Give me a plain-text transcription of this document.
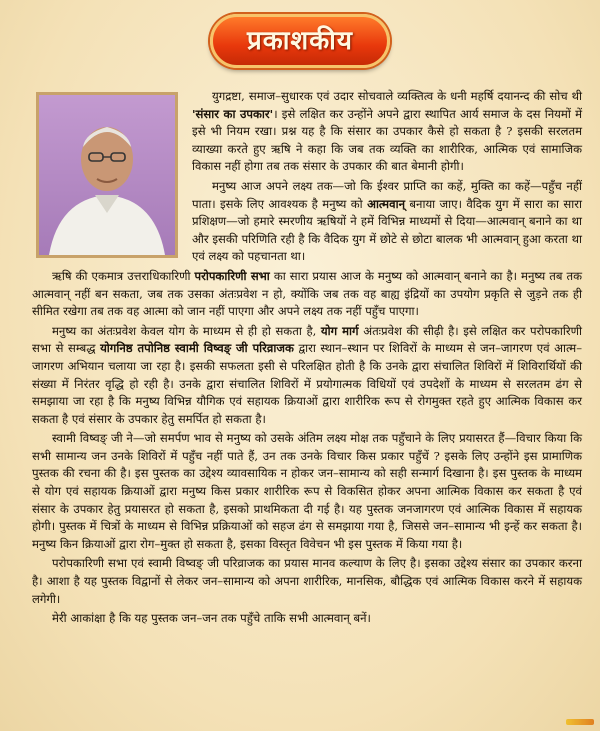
प्रकाशकीय

युगद्रष्टा, समाज–सुधारक एवं उदार सोचवाले व्यक्तित्व के धनी महर्षि दयानन्द की सोच थी 'संसार का उपकार'। इसे लक्षित कर उन्होंने अपने द्वारा स्थापित आर्य समाज के दस नियमों में इसे भी नियम रखा। प्रश्न यह है कि संसार का उपकार कैसे हो सकता है ? इसकी सरलतम व्याख्या करते हुए ऋषि ने कहा कि जब तक व्यक्ति का शारीरिक, आत्मिक एवं सामाजिक विकास नहीं होगा तब तक संसार के उपकार की बात बेमानी होगी।

मनुष्य आज अपने लक्ष्य तक—जो कि ईश्वर प्राप्ति का कहें, मुक्ति का कहें—पहुँच नहीं पाता। इसके लिए आवश्यक है मनुष्य को आत्मवान् बनाया जाए। वैदिक युग में सारा का सारा प्रशिक्षण—जो हमारे स्मरणीय ऋषियों ने हमें विभिन्न माध्यमों से दिया—आत्मवान् बनाने का था और इसकी परिणिति रही है कि वैदिक युग में छोटे से छोटा बालक भी आत्मवान् हुआ करता था एवं लक्ष्य को पहचानता था।

ऋषि की एकमात्र उत्तराधिकारिणी परोपकारिणी सभा का सारा प्रयास आज के मनुष्य को आत्मवान् बनाने का है। मनुष्य तब तक आत्मवान् नहीं बन सकता, जब तक उसका अंतःप्रवेश न हो, क्योंकि जब तक वह बाह्य इंद्रियों का उपयोग प्रकृति से जुड़ने तक ही सीमित रखेगा तब तक वह आत्मा को जान नहीं पाएगा और अपने लक्ष्य तक नहीं पहुँच पाएगा।

मनुष्य का अंतःप्रवेश केवल योग के माध्यम से ही हो सकता है, योग मार्ग अंतःप्रवेश की सीढ़ी है। इसे लक्षित कर परोपकारिणी सभा से सम्बद्ध योगनिष्ठ तपोनिष्ठ स्वामी विष्वङ् जी परिव्राजक द्वारा स्थान–स्थान पर शिविरों के माध्यम से जन–जागरण एवं आत्म–जागरण अभियान चलाया जा रहा है। इसकी सफलता इसी से परिलक्षित होती है कि उनके द्वारा संचालित शिविरों में शिविरार्थियों की संख्या में निरंतर वृद्धि हो रही है। उनके द्वारा संचालित शिविरों में प्रयोगात्मक विधियों एवं उपदेशों के माध्यम से सरलतम ढंग से समझाया जा रहा है कि मनुष्य विभिन्न यौगिक एवं सहायक क्रियाओं द्वारा शारीरिक रूप से रोगमुक्त रहते हुए आत्मिक विकास कर सकता है एवं संसार के उपकार हेतु समर्पित हो सकता है।

स्वामी विष्वङ् जी ने—जो समर्पण भाव से मनुष्य को उसके अंतिम लक्ष्य मोक्ष तक पहुँचाने के लिए प्रयासरत हैं—विचार किया कि सभी सामान्य जन उनके शिविरों में पहुँच नहीं पाते हैं, उन तक उनके विचार किस प्रकार पहुँचें ? इसके लिए उन्होंने इस प्रामाणिक पुस्तक की रचना की है। इस पुस्तक का उद्देश्य व्यावसायिक न होकर जन–सामान्य को सही सन्मार्ग दिखाना है। इस पुस्तक के माध्यम से योग एवं सहायक क्रियाओं द्वारा मनुष्य किस प्रकार शारीरिक रूप से विकसित होकर अपना आत्मिक विकास कर सकता है एवं संसार के उपकार हेतु प्रयासरत हो सकता है, इसको प्राथमिकता दी गई है। यह पुस्तक जनजागरण एवं आत्मिक विकास में सहायक होगी। पुस्तक में चित्रों के माध्यम से विभिन्न प्रक्रियाओं को सहज ढंग से समझाया गया है, जिससे जन–सामान्य भी इन्हें कर सकता है। मनुष्य किन क्रियाओं द्वारा रोग–मुक्त हो सकता है, इसका विस्तृत विवेचन भी इस पुस्तक में किया गया है।

परोपकारिणी सभा एवं स्वामी विष्वङ् जी परिव्राजक का प्रयास मानव कल्याण के लिए है। इसका उद्देश्य संसार का उपकार करना है। आशा है यह पुस्तक विद्वानों से लेकर जन–सामान्य को अपना शारीरिक, मानसिक, बौद्धिक एवं आत्मिक विकास करने में सहायक लगेगी।

मेरी आकांक्षा है कि यह पुस्तक जन–जन तक पहुँचे ताकि सभी आत्मवान् बनें।
